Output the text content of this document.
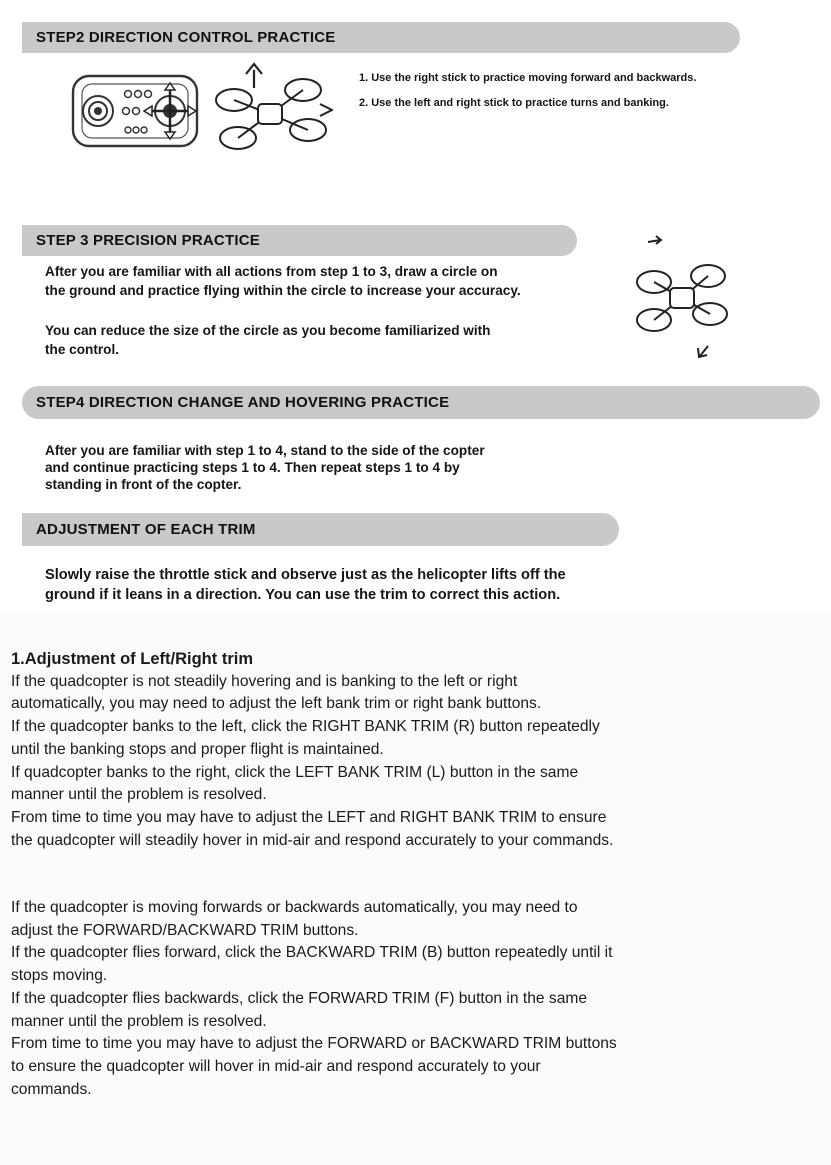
STEP2 DIRECTION CONTROL PRACTICE
1. Use the right stick to practice moving forward and backwards.
2. Use the left and right stick to practice turns and banking.
STEP 3 PRECISION PRACTICE
After you are familiar with all actions from step 1 to 3, draw a circle on
the ground and practice flying within the circle to increase your accuracy.
You can reduce the size of the circle as you become familiarized with
the control.
STEP4 DIRECTION CHANGE AND HOVERING PRACTICE
After you are familiar with step 1 to 4, stand to the side of the copter
and continue practicing steps 1 to 4. Then repeat steps 1 to 4 by
standing in front of the copter.
ADJUSTMENT OF EACH TRIM
Slowly raise the throttle stick and observe just as the helicopter lifts off the
ground if it leans in a direction. You can use the trim to correct this action.

1.Adjustment of Left/Right trim

If the quadcopter is not steadily hovering and is banking to the left or right

automatically, you may need to adjust the left bank trim or right bank buttons.

If the quadcopter banks to the left, click the RIGHT BANK TRIM (R) button repeatedly

until the banking stops and proper flight is maintained.

If quadcopter banks to the right, click the LEFT BANK TRIM (L) button in the same

manner until the problem is resolved.

From time to time you may have to adjust the LEFT and RIGHT BANK TRIM to ensure

the quadcopter will steadily hover in mid-air and respond accurately to your commands.

If the quadcopter is moving forwards or backwards automatically, you may need to

adjust the FORWARD/BACKWARD TRIM buttons.

If the quadcopter flies forward, click the BACKWARD TRIM (B) button repeatedly until it

stops moving.

If the quadcopter flies backwards, click the FORWARD TRIM (F) button in the same

manner until the problem is resolved.

From time to time you may have to adjust the FORWARD or BACKWARD TRIM buttons

to ensure the quadcopter will hover in mid-air and respond accurately to your

commands.
